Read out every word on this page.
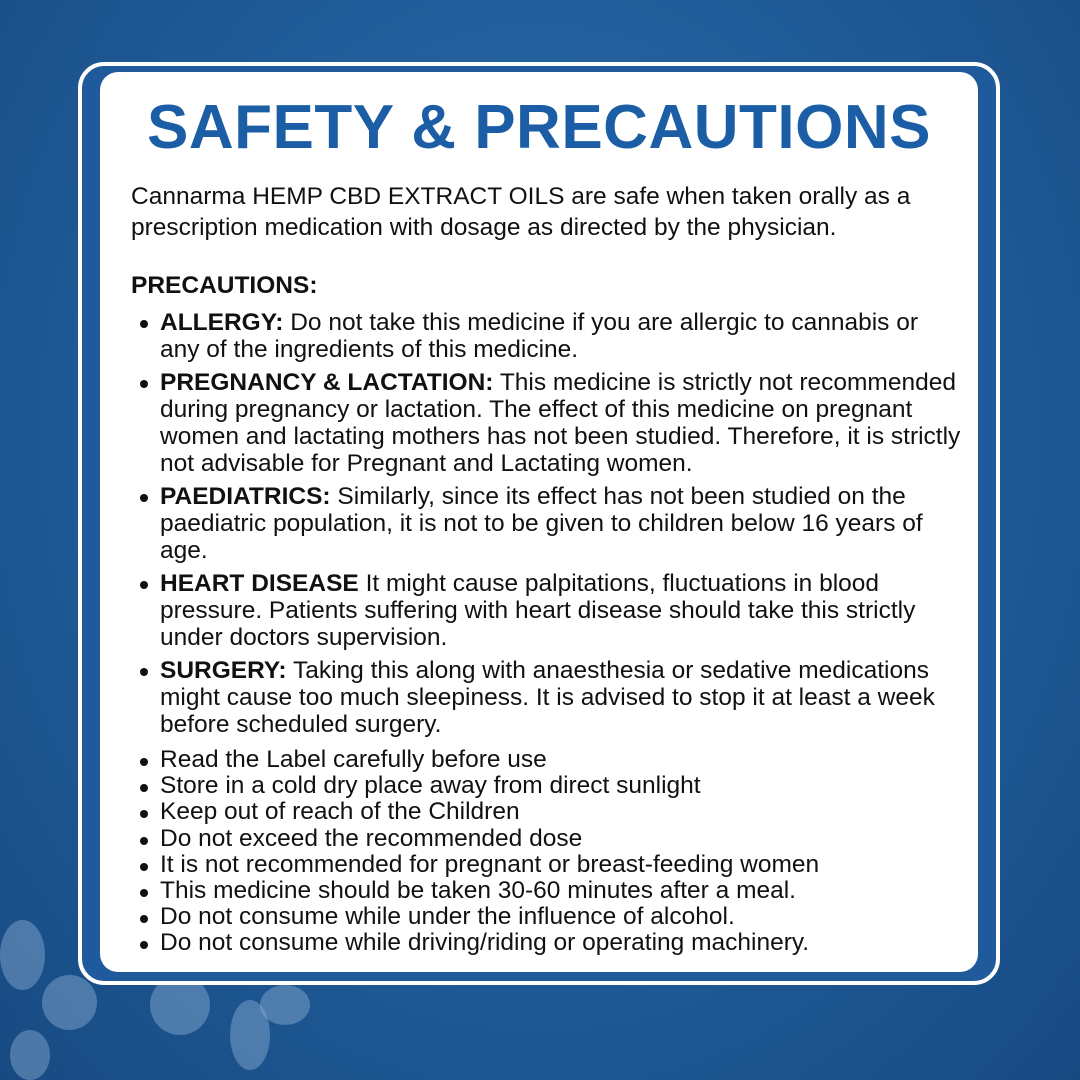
SAFETY & PRECAUTIONS
Cannarma HEMP CBD EXTRACT OILS are safe when taken orally as a prescription medication with dosage as directed by the physician.
PRECAUTIONS:
ALLERGY: Do not take this medicine if you are allergic to cannabis or any of the ingredients of this medicine.
PREGNANCY & LACTATION: This medicine is strictly not recommended during pregnancy or lactation. The effect of this medicine on pregnant women and lactating mothers has not been studied. Therefore, it is strictly not advisable for Pregnant and Lactating women.
PAEDIATRICS: Similarly, since its effect has not been studied on the paediatric population, it is not to be given to children below 16 years of age.
HEART DISEASE It might cause palpitations, fluctuations in blood pressure. Patients suffering with heart disease should take this strictly under doctors supervision.
SURGERY: Taking this along with anaesthesia or sedative medications might cause too much sleepiness. It is advised to stop it at least a week before scheduled surgery.
Read the Label carefully before use
Store in a cold dry place away from direct sunlight
Keep out of reach of the Children
Do not exceed the recommended dose
It is not recommended for pregnant or breast-feeding women
This medicine should be taken 30-60 minutes after a meal.
Do not consume while under the influence of alcohol.
Do not consume while driving/riding or operating machinery.
